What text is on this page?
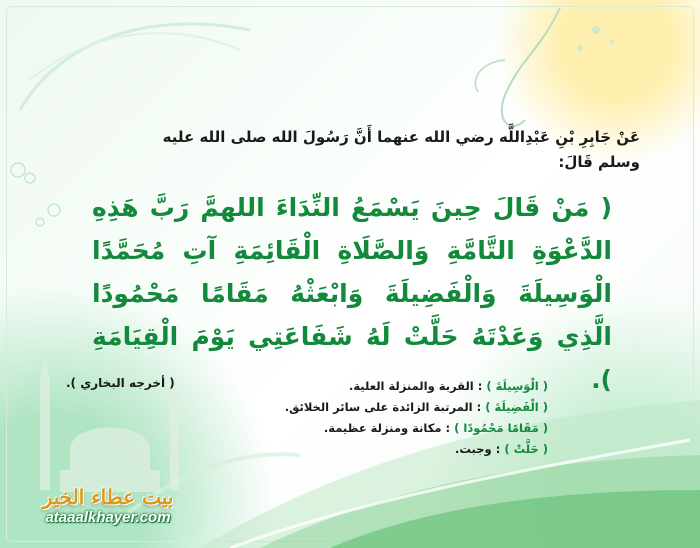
عَنْ جَابِرِ بْنِ عَبْدِاللَّه رضي الله عنهما أَنَّ رَسُولَ الله صلى الله عليه
وسلم قَالَ:
( مَنْ قَالَ حِينَ يَسْمَعُ النِّدَاءَ اللهمَّ رَبَّ هَذِهِ الدَّعْوَةِ التَّامَّةِ وَالصَّلَاةِ الْقَائِمَةِ آتِ مُحَمَّدًا الْوَسِيلَةَ وَالْفَضِيلَةَ وَابْعَثْهُ مَقَامًا مَحْمُودًا الَّذِي وَعَدْتَهُ حَلَّتْ لَهُ شَفَاعَتِي يَوْمَ الْقِيَامَةِ ).
( أخرجه البخاري ).	( الْوَسِيلَةَ ) : القربة والمنزلة العلية.
( الْفَضِيلَةَ ) : المرتبة الزائدة على سائر الخلائق.
( مَقَامًا مَحْمُودًا ) : مكانة ومنزلة عظيمة.
( حَلَّتْ ) : وجبت.
بيت عطاء الخير
ataaalkhayer.com
